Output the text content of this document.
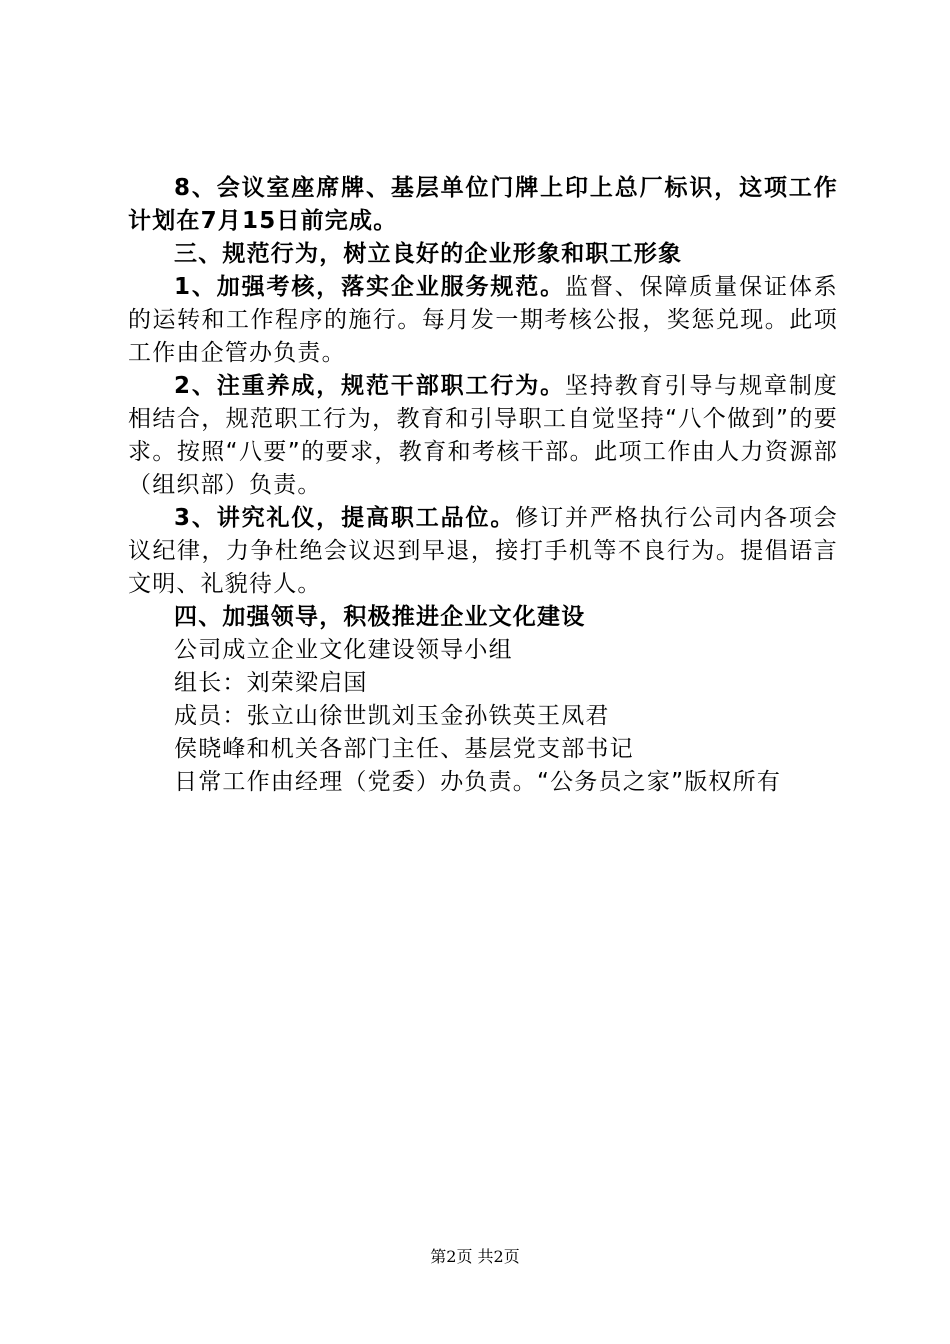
8、会议室座席牌、基层单位门牌上印上总厂标识，这项工作计划在7月15日前完成。

三、规范行为，树立良好的企业形象和职工形象

1、加强考核，落实企业服务规范。监督、保障质量保证体系的运转和工作程序的施行。每月发一期考核公报，奖惩兑现。此项工作由企管办负责。

2、注重养成，规范干部职工行为。坚持教育引导与规章制度相结合，规范职工行为，教育和引导职工自觉坚持“八个做到”的要求。按照“八要”的要求，教育和考核干部。此项工作由人力资源部（组织部）负责。

3、讲究礼仪，提高职工品位。修订并严格执行公司内各项会议纪律，力争杜绝会议迟到早退，接打手机等不良行为。提倡语言文明、礼貌待人。

四、加强领导，积极推进企业文化建设

公司成立企业文化建设领导小组

组长：刘荣梁启国

成员：张立山徐世凯刘玉金孙铁英王凤君

侯晓峰和机关各部门主任、基层党支部书记

日常工作由经理（党委）办负责。“公务员之家”版权所有

第2页 共2页
